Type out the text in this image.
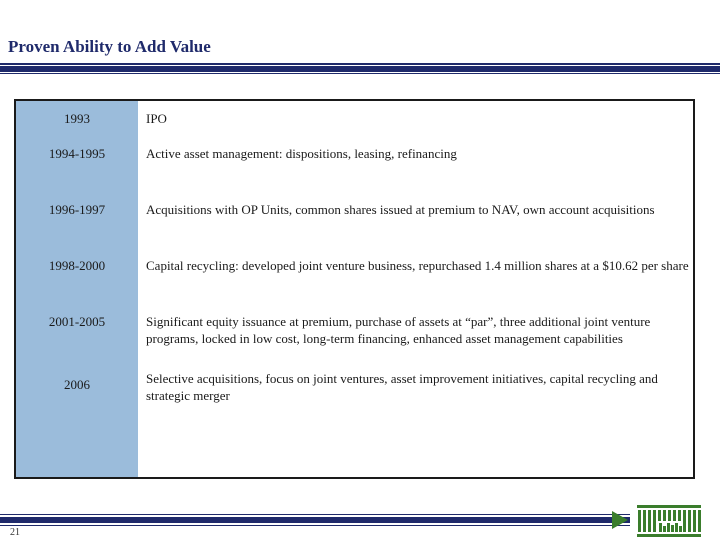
Proven Ability to Add Value
1993	IPO
1994-1995	Active asset management: dispositions, leasing, refinancing
1996-1997	Acquisitions with OP Units, common shares issued at premium to NAV, own account acquisitions
1998-2000	Capital recycling: developed joint venture business, repurchased 1.4 million shares at a $10.62 per share
2001-2005	Significant equity issuance at premium, purchase of assets at “par”, three additional joint venture programs, locked in low cost, long-term financing, enhanced asset management capabilities
2006	Selective acquisitions, focus on joint ventures, asset improvement initiatives, capital recycling and strategic merger
21
